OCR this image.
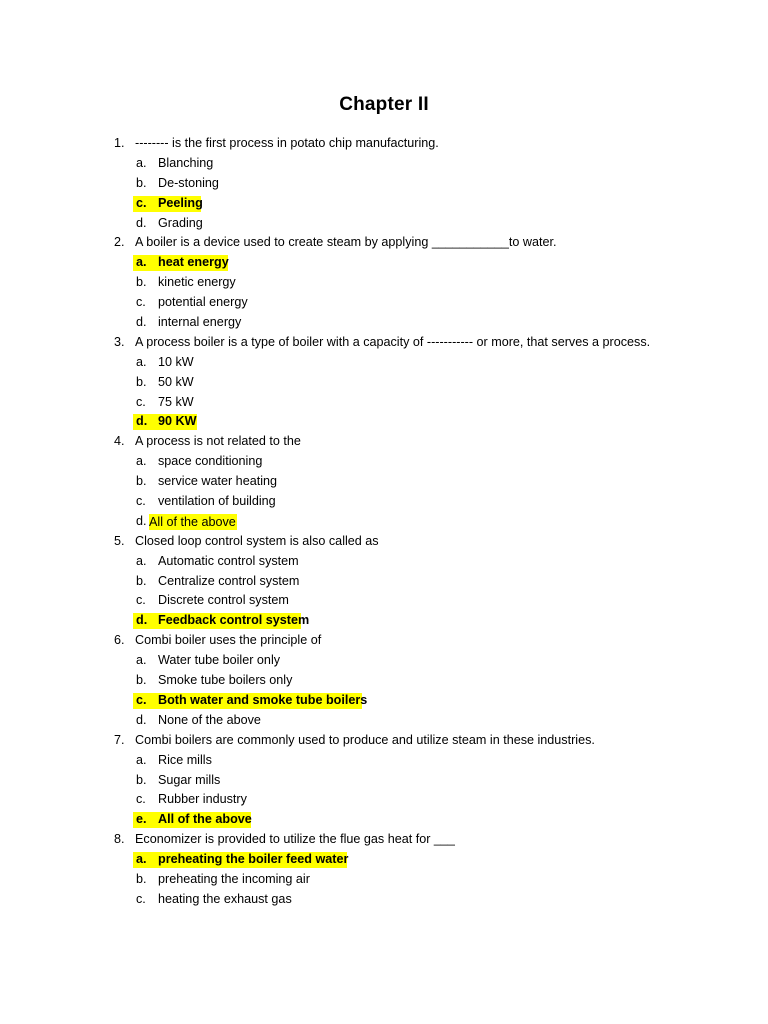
Chapter II
1. -------- is the first process in potato chip manufacturing.
a. Blanching
b. De-stoning
c. Peeling
d. Grading
2. A boiler is a device used to create steam by applying ___________to water.
a. heat energy
b. kinetic energy
c. potential energy
d. internal energy
3. A process boiler is a type of boiler with a capacity of ----------- or more, that serves a process.
a. 10 kW
b. 50 kW
c. 75 kW
d. 90 KW
4. A process is not related to the
a. space conditioning
b. service water heating
c. ventilation of building
d. All of the above
5. Closed loop control system is also called as
a. Automatic control system
b. Centralize control system
c. Discrete control system
d. Feedback control system
6. Combi boiler uses the principle of
a. Water tube boiler only
b. Smoke tube boilers only
c. Both water and smoke tube boilers
d. None of the above
7. Combi boilers are commonly used to produce and utilize steam in these industries.
a. Rice mills
b. Sugar mills
c. Rubber industry
e. All of the above
8. Economizer is provided to utilize the flue gas heat for ___
a. preheating the boiler feed water
b. preheating the incoming air
c. heating the exhaust gas
